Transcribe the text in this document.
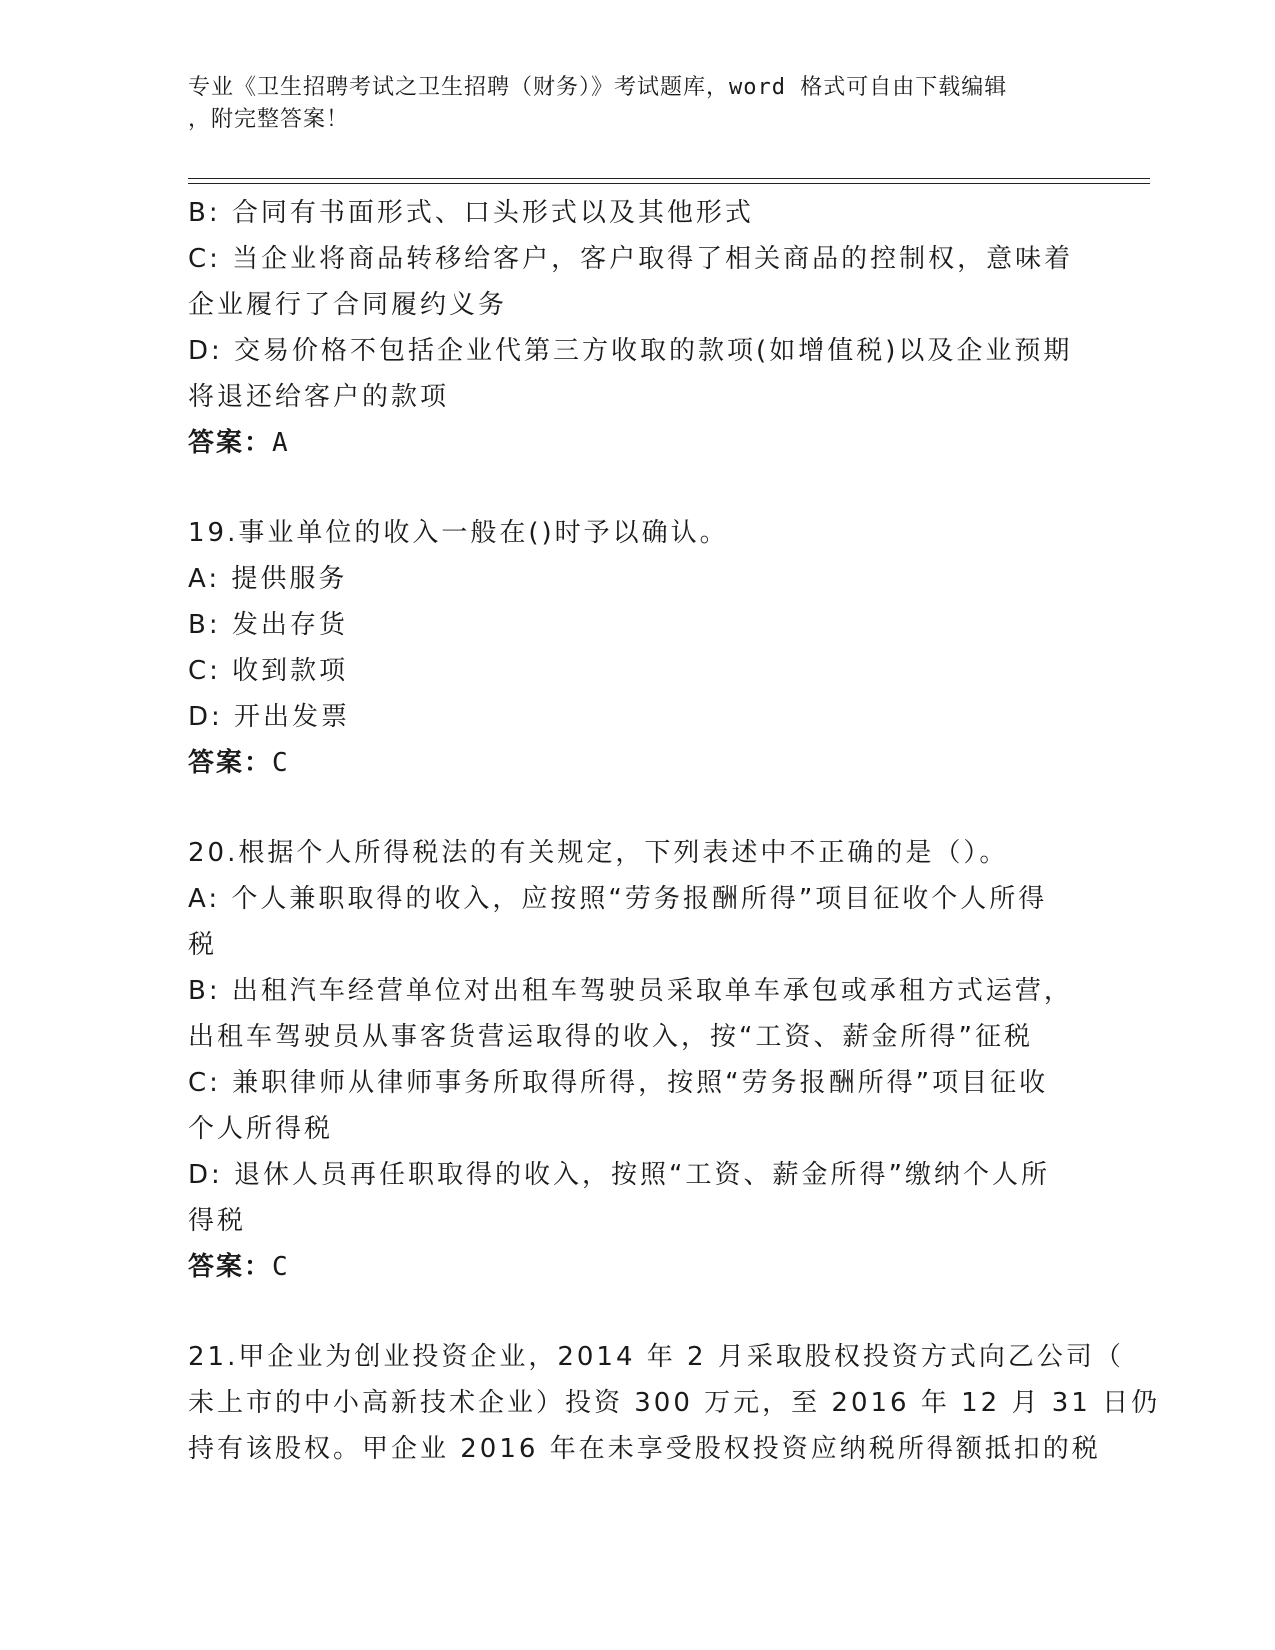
专业《卫生招聘考试之卫生招聘（财务）》考试题库，word 格式可自由下载编辑
，附完整答案！
B: 合同有书面形式、口头形式以及其他形式
C: 当企业将商品转移给客户，客户取得了相关商品的控制权，意味着
企业履行了合同履约义务
D: 交易价格不包括企业代第三方收取的款项(如增值税)以及企业预期
将退还给客户的款项
答案：A
19.事业单位的收入一般在()时予以确认。
A: 提供服务
B: 发出存货
C: 收到款项
D: 开出发票
答案：C
20.根据个人所得税法的有关规定，下列表述中不正确的是（）。
A: 个人兼职取得的收入，应按照“劳务报酬所得”项目征收个人所得
税
B: 出租汽车经营单位对出租车驾驶员采取单车承包或承租方式运营，
出租车驾驶员从事客货营运取得的收入，按“工资、薪金所得”征税
C: 兼职律师从律师事务所取得所得，按照“劳务报酬所得”项目征收
个人所得税
D: 退休人员再任职取得的收入，按照“工资、薪金所得”缴纳个人所
得税
答案：C
21.甲企业为创业投资企业，2014 年 2 月采取股权投资方式向乙公司（
未上市的中小高新技术企业）投资 300 万元，至 2016 年 12 月 31 日仍
持有该股权。甲企业 2016 年在未享受股权投资应纳税所得额抵扣的税
